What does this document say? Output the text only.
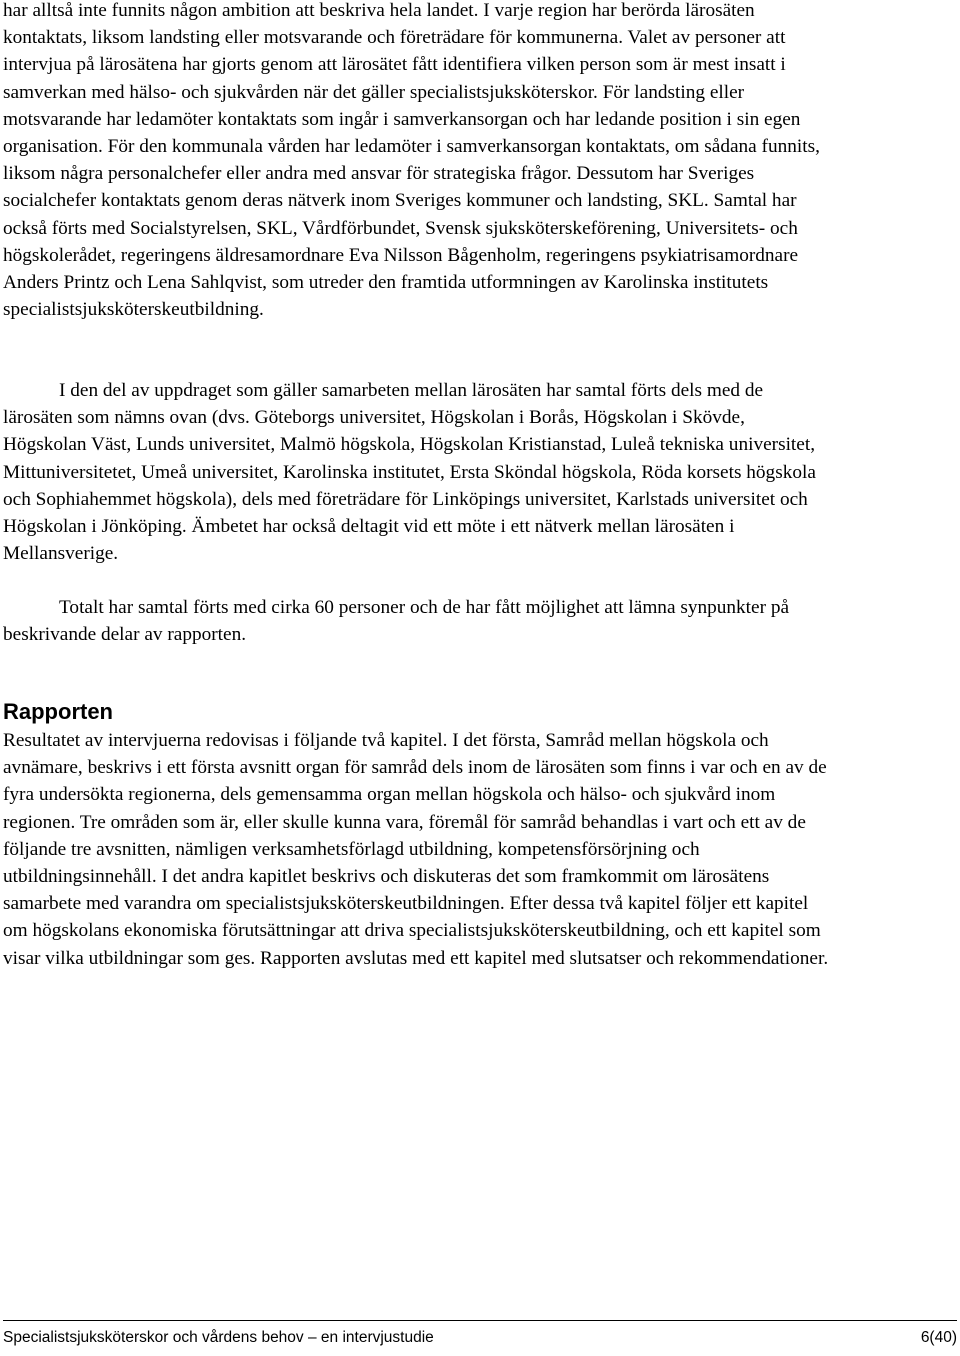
har alltså inte funnits någon ambition att beskriva hela landet. I varje region har berörda lärosäten kontaktats, liksom landsting eller motsvarande och företrädare för kommunerna. Valet av personer att intervjua på lärosätena har gjorts genom att lärosätet fått identifiera vilken person som är mest insatt i samverkan med hälso- och sjukvården när det gäller specialistsjuksköterskor. För landsting eller motsvarande har ledamöter kontaktats som ingår i samverkansorgan och har ledande position i sin egen organisation. För den kommunala vården har ledamöter i samverkansorgan kontaktats, om sådana funnits, liksom några personalchefer eller andra med ansvar för strategiska frågor. Dessutom har Sveriges socialchefer kontaktats genom deras nätverk inom Sveriges kommuner och landsting, SKL. Samtal har också förts med Socialstyrelsen, SKL, Vårdförbundet, Svensk sjuksköterskeförening, Universitets- och högskolerådet, regeringens äldresamordnare Eva Nilsson Bågenholm, regeringens psykiatrisamordnare Anders Printz och Lena Sahlqvist, som utreder den framtida utformningen av Karolinska institutets specialistsjuksköterskeutbildning.

I den del av uppdraget som gäller samarbeten mellan lärosäten har samtal förts dels med de lärosäten som nämns ovan (dvs. Göteborgs universitet, Högskolan i Borås, Högskolan i Skövde, Högskolan Väst, Lunds universitet, Malmö högskola, Högskolan Kristianstad, Luleå tekniska universitet, Mittuniversitetet, Umeå universitet, Karolinska institutet, Ersta Sköndal högskola, Röda korsets högskola och Sophiahemmet högskola), dels med företrädare för Linköpings universitet, Karlstads universitet och Högskolan i Jönköping. Ämbetet har också deltagit vid ett möte i ett nätverk mellan lärosäten i Mellansverige.

Totalt har samtal förts med cirka 60 personer och de har fått möjlighet att lämna synpunkter på beskrivande delar av rapporten.

Rapporten

Resultatet av intervjuerna redovisas i följande två kapitel. I det första, Samråd mellan högskola och avnämare, beskrivs i ett första avsnitt organ för samråd dels inom de lärosäten som finns i var och en av de fyra undersökta regionerna, dels gemensamma organ mellan högskola och hälso- och sjukvård inom regionen. Tre områden som är, eller skulle kunna vara, föremål för samråd behandlas i vart och ett av de följande tre avsnitten, nämligen verksamhetsförlagd utbildning, kompetensförsörjning och utbildningsinnehåll. I det andra kapitlet beskrivs och diskuteras det som framkommit om lärosätens samarbete med varandra om specialistsjuksköterskeutbildningen. Efter dessa två kapitel följer ett kapitel om högskolans ekonomiska förutsättningar att driva specialistsjuksköterskeutbildning, och ett kapitel som visar vilka utbildningar som ges. Rapporten avslutas med ett kapitel med slutsatser och rekommendationer.

Specialistsjuksköterskor och vårdens behov – en intervjustudie	6(40)
